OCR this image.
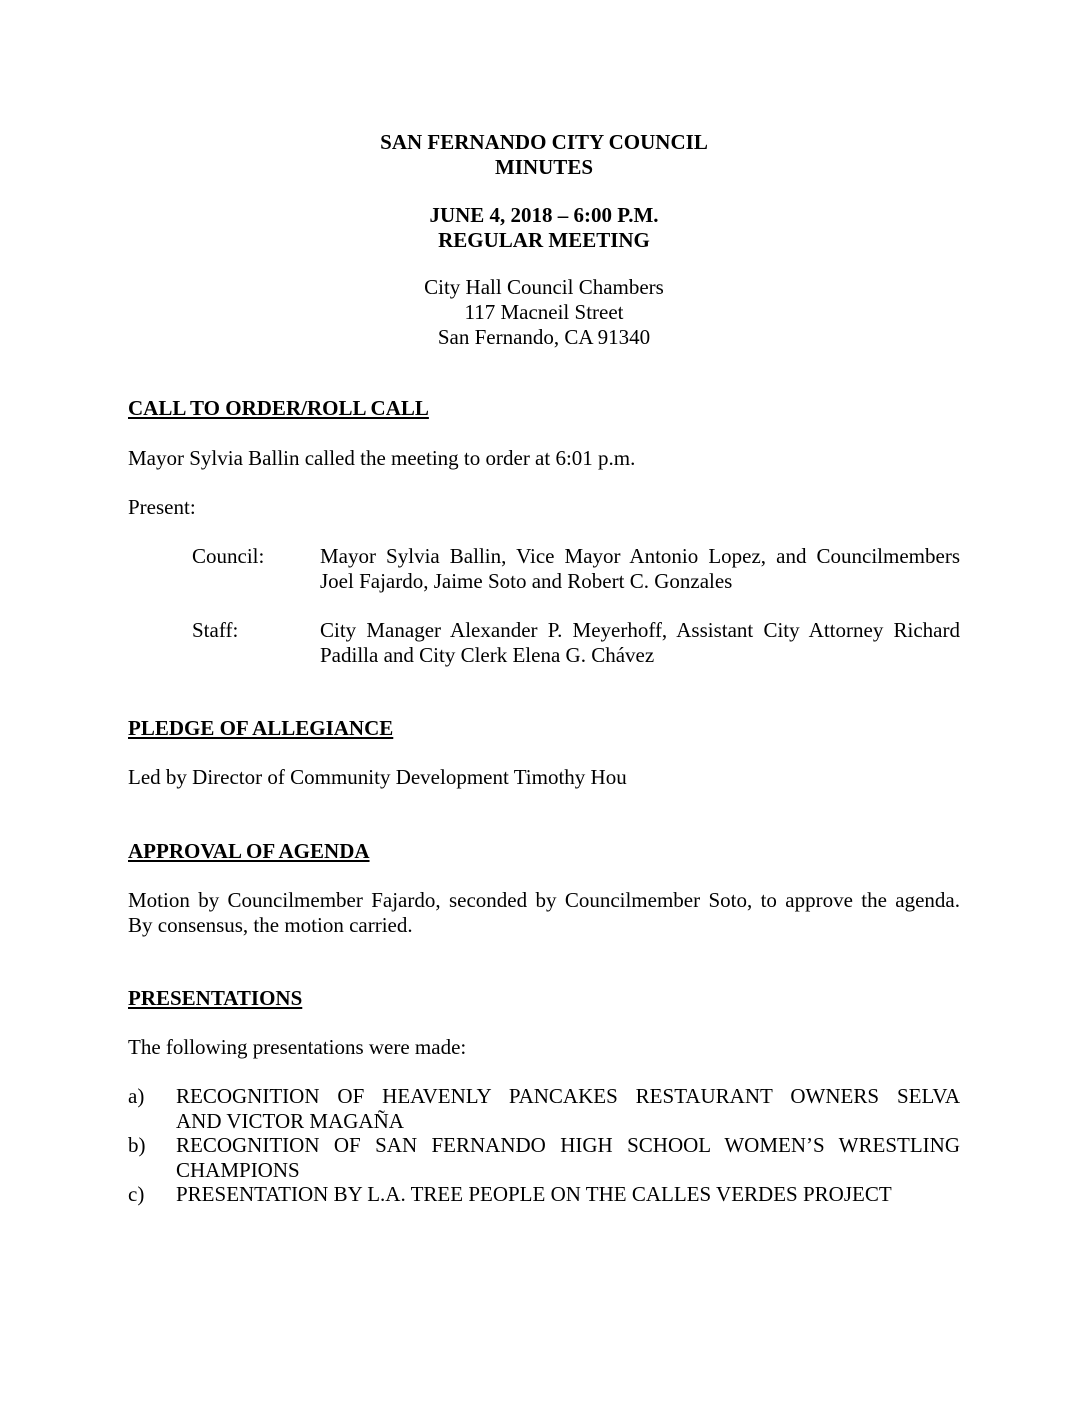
SAN FERNANDO CITY COUNCIL
MINUTES
JUNE 4, 2018 – 6:00 P.M.
REGULAR MEETING
City Hall Council Chambers
117 Macneil Street
San Fernando, CA 91340
CALL TO ORDER/ROLL CALL
Mayor Sylvia Ballin called the meeting to order at 6:01 p.m.
Present:
Council:	Mayor Sylvia Ballin, Vice Mayor Antonio Lopez, and Councilmembers
Joel Fajardo, Jaime Soto and Robert C. Gonzales
Staff:	City Manager Alexander P. Meyerhoff, Assistant City Attorney Richard
Padilla and City Clerk Elena G. Chávez
PLEDGE OF ALLEGIANCE
Led by Director of Community Development Timothy Hou
APPROVAL OF AGENDA
Motion by Councilmember Fajardo, seconded by Councilmember Soto, to approve the agenda.
By consensus, the motion carried.
PRESENTATIONS
The following presentations were made:
a) RECOGNITION OF HEAVENLY PANCAKES RESTAURANT OWNERS SELVA
AND VICTOR MAGAÑA
b) RECOGNITION OF SAN FERNANDO HIGH SCHOOL WOMEN’S WRESTLING
CHAMPIONS
c) PRESENTATION BY L.A. TREE PEOPLE ON THE CALLES VERDES PROJECT
